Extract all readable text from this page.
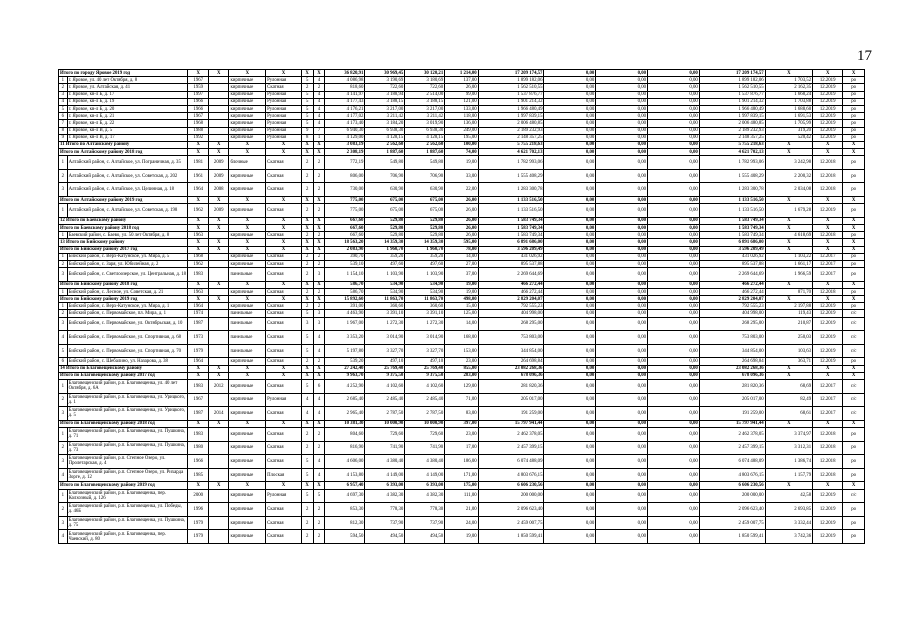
17
Итого по городу Яровое 2019 год		Х	Х	Х	Х	Х	Х	36 820,91	30 969,45	30 120,21	1 214,00	17 209 174,57	0,00	0,00	0,00	17 209 174,57	Х	Х	Х
1	г. Яровое, ул. 40 лет Октября, д. 8	1967		кирпичные	Рулонная	5	4	4 086,98	3 190,69	3 180,69	137,00	1 899 182,06	0,00	0,00	0,00	1 899 182,06	1 703,52	12.2019	ро
2	г. Яровое, ул. Алтайская, д. 41	1959		кирпичные	Скатная	2	2	818,60	722,60	722,60	26,00	1 562 510,55	0,00	0,00	0,00	1 562 510,55	2 162,35	12.2019	ро
3	г. Яровое, кв-л Б, д. 17	1997		кирпичные	Рулонная	5	4	4 141,97	3 188,94	2 514,00	99,00	1 537 876,77	0,00	0,00	0,00	1 537 876,77	1 668,24	12.2019	ро
4	г. Яровое, кв-л Б, д. 19	1966		кирпичные	Рулонная	5	4	4 177,43	3 188,15	3 188,15	121,00	1 901 214,32	0,00	0,00	0,00	1 901 214,32	1 703,88	12.2019	ро
5	г. Яровое, кв-л Б, д. 20	1966		кирпичные	Рулонная	5	4	4 176,21	3 217,00	3 217,00	133,00	1 966 480,49	0,00	0,00	0,00	1 966 480,49	1 688,60	12.2019	ро
6	г. Яровое, кв-л Б, д. 21	1967		кирпичные	Рулонная	5	4	4 177,02	3 211,42	3 211,42	118,00	1 997 839,15	0,00	0,00	0,00	1 997 839,15	1 691,53	12.2019	ро
7	г. Яровое, кв-л Б, д. 22	1968		кирпичные	Рулонная	5	4	4 173,40	3 184,20	3 019,90	136,00	2 006 480,85	0,00	0,00	0,00	2 006 480,85	1 705,99	12.2019	ро
8	г. Яровое, кв-л В, д. 5	1988		кирпичные	Рулонная	9	7	6 940,30	6 938,30	6 938,30	249,00	2 189 232,93	0,00	0,00	0,00	2 189 232,93	319,20	12.2019	ро
9	г. Яровое, кв-л В, д. 17	1992		кирпичные	Рулонная	8	1	4 129,00	4 128,15	4 128,15	195,00	2 148 357,25	0,00	0,00	0,00	2 148 357,25	520,42	12.2019	ро
11 Итого по Алтайскому району		Х	Х	Х	Х	Х	Х	3 083,19	2 562,60	2 562,60	100,00	5 755 218,63	0,00	0,00	0,00	5 755 218,63	Х	Х	Х
Итого по Алтайскому району 2018 год		Х	Х	Х	Х	Х	Х	2 308,19	1 887,60	1 887,60	74,00	4 621 702,13	0,00	0,00	0,00	4 621 702,13	Х	Х	Х
1	Алтайский район, с. Алтайское, ул. Пограничная, д. 35	1981	2009	блочные	Скатная	2	2	772,19	549,80	549,80	19,00	1 782 993,06	0,00	0,00	0,00	1 782 993,06	3 242,98	12.2018	ро
2	Алтайский район, с. Алтайское, ул. Советская, д. 202	1961	2009	кирпичные	Скатная	2	2	806,00	706,90	706,90	33,00	1 555 408,29	0,00	0,00	0,00	1 555 408,29	2 200,32	12.2018	ро
3	Алтайский район, с. Алтайское, ул. Целинная, д. 18	1964	2008	кирпичные	Скатная	2	2	730,00	630,90	630,90	22,00	1 283 300,78	0,00	0,00	0,00	1 283 300,78	2 034,08	12.2018	ро
Итого по Алтайскому району 2019 год		Х	Х	Х	Х	Х	Х	775,00	675,00	675,00	26,00	1 133 516,50	0,00	0,00	0,00	1 133 516,50	Х	Х	Х
1	Алтайский район, с. Алтайское, ул. Советская, д. 198	1962	2009	кирпичные	Скатная	2	2	775,00	675,00	675,00	26,00	1 133 516,50	0,00	0,00	0,00	1 133 516,50	1 679,28	12.2019	ро
12 Итого по Баевскому району		Х	Х	Х	Х	Х	Х	667,60	529,80	529,80	26,00	1 583 749,34	0,00	0,00	0,00	1 583 749,34	Х	Х	Х
Итого по Баевскому району 2018 год		Х	Х	Х	Х	Х	Х	667,60	529,80	529,80	26,00	1 583 749,34	0,00	0,00	0,00	1 583 749,34	Х	Х	Х
1	Баевский район, с. Баево, ул. 50 лет Октября, д. 8	1963		кирпичные	Скатная	2	2	667,60	529,80	529,80	26,00	1 583 749,34	0,00	0,00	0,00	1 583 749,34	4 618,69	12.2018	ро
13 Итого по Бийскому району		Х	Х	Х	Х	Х	Х	18 563,20	14 359,30	14 359,30	595,00	6 891 686,00	0,00	0,00	0,00	6 891 686,00	Х	Х	Х
Итого по Бийскому району 2017 год		Х	Х	Х	Х	Х	Х	2 083,90	1 960,70	1 960,70	78,00	3 596 209,49	0,00	0,00	0,00	3 596 209,49	Х	Х	Х
1	Бийский район, с. Верх-Катунское, ул. Мира, д. 5	1968		кирпичные	Скатная	2	2	390,70	359,20	359,20	14,00	431 026,92	0,00	0,00	0,00	431 026,92	1 103,22	12.2017	ро
2	Бийский район, с. Заря, ул. Юбилейная, д. 2	1962		кирпичные	Скатная	2	2	539,10	497,60	497,60	27,00	895 537,88	0,00	0,00	0,00	895 537,88	1 661,17	12.2017	ро
3	Бийский район, с. Светлоозерское, ул. Центральная, д. 18	1983		панельные	Скатная	2	3	1 154,10	1 103,90	1 103,90	37,00	2 269 644,69	0,00	0,00	0,00	2 269 644,69	1 966,59	12.2017	ро
Итого по Бийскому району 2018 год		Х	Х	Х	Х	Х	Х	586,70	534,90	534,90	19,00	466 272,44	0,00	0,00	0,00	466 272,44	Х	Х	Х
1	Бийский район, с. Лесное, ул. Советская, д. 21	1963		кирпичные	Скатная	2	2	586,70	534,90	534,90	19,00	466 272,44	0,00	0,00	0,00	466 272,44	871,70	12.2018	ро
Итого по Бийскому району 2019 год		Х	Х	Х	Х	Х	Х	15 892,60	11 863,70	11 863,70	498,00	2 829 204,07	0,00	0,00	0,00	2 829 204,07	Х	Х	Х
1	Бийский район, с. Верх-Катунское, ул. Мира, д. 1	1964		кирпичные	Скатная	2	2	391,00	360,60	360,60	15,00	792 555,23	0,00	0,00	0,00	792 555,23	2 197,88	12.2019	ро
2	Бийский район, с. Первомайское, пл. Мира, д. 1	1974		панельные	Скатная	5	3	4 463,90	3 391,10	3 391,10	125,00	404 998,00	0,00	0,00	0,00	404 998,00	119,43	12.2019	с/с
3	Бийский район, с. Первомайское, ул. Октябрьская, д. 10	1987		панельные	Скатная	3	3	1 967,00	1 272,30	1 272,30	14,00	268 295,00	0,00	0,00	0,00	268 295,00	210,87	12.2019	с/с
4	Бийский район, с. Первомайское, ул. Спортивная, д. 68	1973		панельные	Скатная	5	4	3 353,20	3 014,90	3 014,90	168,00	753 803,00	0,00	0,00	0,00	753 803,00	250,03	12.2019	с/с
5	Бийский район, с. Первомайское, ул. Спортивная, д. 70	1979		панельные	Скатная	5	4	5 197,80	3 327,70	3 327,70	153,00	344 854,00	0,00	0,00	0,00	344 854,00	103,63	12.2019	с/с
6	Бийский район, с. Шебалино, ул. Назарова, д. 38	1964		кирпичные	Скатная	2	2	539,20	497,10	497,10	23,00	264 698,84	0,00	0,00	0,00	264 698,84	363,71	12.2019	ро
14 Итого по Благовещенскому району		Х	Х	Х	Х	Х	Х	27 242,40	25 769,40	25 769,40	855,00	23 082 268,36	0,00	0,00	0,00	23 082 268,36	Х	Х	Х
Итого по Благовещенскому району 2017 год		Х	Х	Х	Х	Х	Х	9 963,70	9 375,50	9 375,50	283,00	678 096,36	0,00	0,00	0,00	678 096,36	Х	Х	Х
1	Благовещенский район, р.п. Благовещенка, ул. 40 лет Октября, д. 6А	1983	2012	кирпичные	Скатная	5	6	4 252,90	4 102,60	4 102,60	129,00	281 820,36	0,00	0,00	0,00	281 820,36	68,69	12.2017	с/с
2	Благовещенский район, р.п. Благовещенка, ул. Урицкого, д. 1	1967		кирпичные	Рулонная	4	4	2 685,40	2 485,40	2 485,40	71,00	205 017,00	0,00	0,00	0,00	205 017,00	82,49	12.2017	с/с
3	Благовещенский район, р.п. Благовещенка, ул. Урицкого, д. 5	1987	2014	кирпичные	Скатная	4	4	2 965,40	2 787,50	2 787,50	83,00	191 259,00	0,00	0,00	0,00	191 259,00	68,61	12.2017	с/с
Итого по Благовещенскому району 2018 год		Х	Х	Х	Х	Х	Х	10 381,30	10 000,90	10 000,90	397,00	15 797 941,44	0,00	0,00	0,00	15 797 941,44	Х	Х	Х
1	Благовещенский район, р.п. Благовещенка, ул. Пушкина, д. 71	1983		кирпичные	Скатная	2	2	804,60	729,60	729,60	23,00	2 462 378,05	0,00	0,00	0,00	2 462 378,05	3 374,97	12.2018	ро
2	Благовещенский район, р.п. Благовещенка, ул. Пушкина, д. 73	1980		кирпичные	Скатная	2	2	816,90	741,90	741,90	17,00	2 457 399,15	0,00	0,00	0,00	2 457 399,15	3 312,31	12.2018	ро
3	Благовещенский район, р.п. Степное Озеро, ул. Пролетарская, д. 4	1966		кирпичные	Скатная	5	4	4 606,00	4 380,40	4 380,40	186,00	6 074 488,09	0,00	0,00	0,00	6 074 488,09	1 386,74	12.2018	ро
4	Благовещенский район, р.п. Степное Озеро, ул. Рихарда Зорге, д. 12	1985		кирпичные	Плоская	5	4	4 153,80	4 149,00	4 149,00	171,00	4 803 676,15	0,00	0,00	0,00	4 803 676,15	1 157,79	12.2018	ро
Итого по Благовещенскому району 2019 год		Х	Х	Х	Х	Х	Х	6 957,40	6 393,00	6 393,00	175,00	6 606 230,56	0,00	0,00	0,00	6 606 230,56	Х	Х	Х
1	Благовещенский район, р.п. Благовещенка, пер. Колхозный, д. 126	2000		кирпичные	Рулонная	5	5	4 697,30	4 382,30	4 382,30	111,00	200 000,00	0,00	0,00	0,00	200 000,00	42,58	12.2019	с/с
2	Благовещенский район, р.п. Благовещенка, ул. Победы, д. 46Б	1996		кирпичные	Скатная	2	2	853,30	778,30	778,30	21,00	2 096 623,40	0,00	0,00	0,00	2 096 623,40	2 693,85	12.2019	ро
3	Благовещенский район, р.п. Благовещенка, ул. Пушкина, д. 75	1979		кирпичные	Скатная	2	2	812,30	737,90	737,90	24,00	2 459 007,75	0,00	0,00	0,00	2 459 007,75	3 332,44	12.2019	ро
4	Благовещенский район, р.п. Благовещенка, пер. Чаевский, д. 80	1979		кирпичные	Скатная	2	2	594,50	494,50	494,50	19,00	1 850 599,41	0,00	0,00	0,00	1 850 599,41	3 742,36	12.2019	ро
